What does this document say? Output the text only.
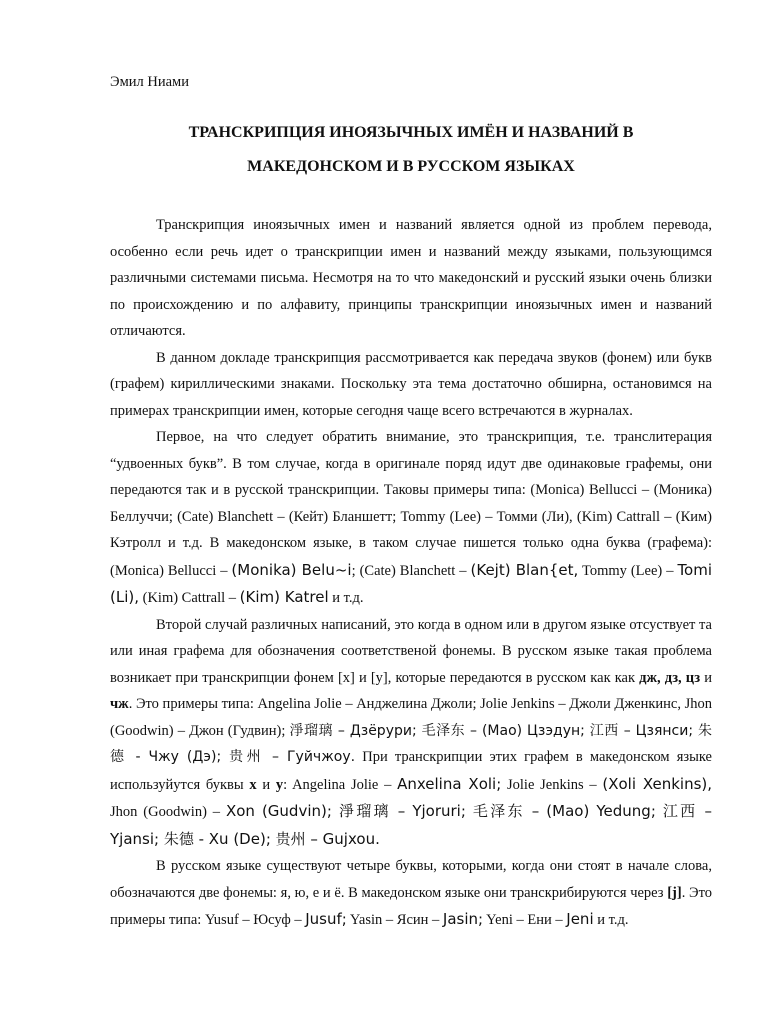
Эмил Ниами

ТРАНСКРИПЦИЯ ИНОЯЗЫЧНЫХ ИМЁН И НАЗВАНИЙ В
МАКЕДОНСКОМ И В РУССКОМ ЯЗЫКАХ

Транскрипция иноязычных имен и названий является одной из проблем перевода, особенно если речь идет о транскрипции имен и названий между языками, пользующимся различными системами письма. Несмотря на то что македонский и русский языки очень близки по происхождению и по алфавиту, принципы транскрипции иноязычных имен и названий отличаются.

В данном докладе транскрипция рассмотривается как передача звуков (фонем) или букв (графем) кириллическими знаками. Поскольку эта тема достаточно обширна, остановимся на примерах транскрипции имен, которые сегодня чаще всего встречаются в журналах.

Первое, на что следует обратить внимание, это транскрипция, т.е. транслитерация “удвоенных букв”. В том случае, когда в оригинале поряд идут две одинаковые графемы, они передаются так и в русской транскрипции. Таковы примеры типа: (Monica) Bellucci – (Моника) Беллуччи; (Cate) Blanchett – (Кейт) Бланшетт; Tommy (Lee) – Томми (Ли), (Kim) Cattrall – (Ким) Кэтролл и т.д. В македонском языке, в таком случае пишется только одна буква (графема): (Monica) Bellucci – (Monika) Belu~i; (Cate) Blanchett – (Kejt) Blan{et, Tommy (Lee) – Tomi (Li), (Kim) Cattrall – (Kim) Katrel и т.д.

Второй случай различных написаний, это когда в одном или в другом языке отсуствует та или иная графема для обозначения соответственой фонемы. В русском языке такая проблема возникает при транскрипции фонем [x] и [y], которые передаются в русском как как дж, дз, цз и чж. Это примеры типа: Angelina Jolie – Анджелина Джоли; Jolie Jenkins – Джоли Дженкинс, Jhon (Goodwin) – Джон (Гудвин); 淨瑠璃 – Дзёрури; 毛泽东 – (Мао) Цзэдун; 江西 – Цзянси; 朱德 - Чжу (Дэ); 贵州 – Гуйчжоу. При транскрипции этих графем в македонском языке используйутся буквы x и y: Angelina Jolie – Anxelina Xoli; Jolie Jenkins – (Xoli Xenkins), Jhon (Goodwin) – Xon (Gudvin); 淨瑠璃 – Yjoruri; 毛泽东 – (Mao) Yedung; 江西 – Yjansi; 朱德 - Xu (De); 贵州 – Gujxou.

В русском языке существуют четыре буквы, которыми, когда они стоят в начале слова, обозначаются две фонемы: я, ю, е и ё. В македонском языке они транскрибируются через [j]. Это примеры типа: Yusuf – Юсуф – Jusuf; Yasin – Ясин – Jasin; Yeni – Ени – Jeni и т.д.
